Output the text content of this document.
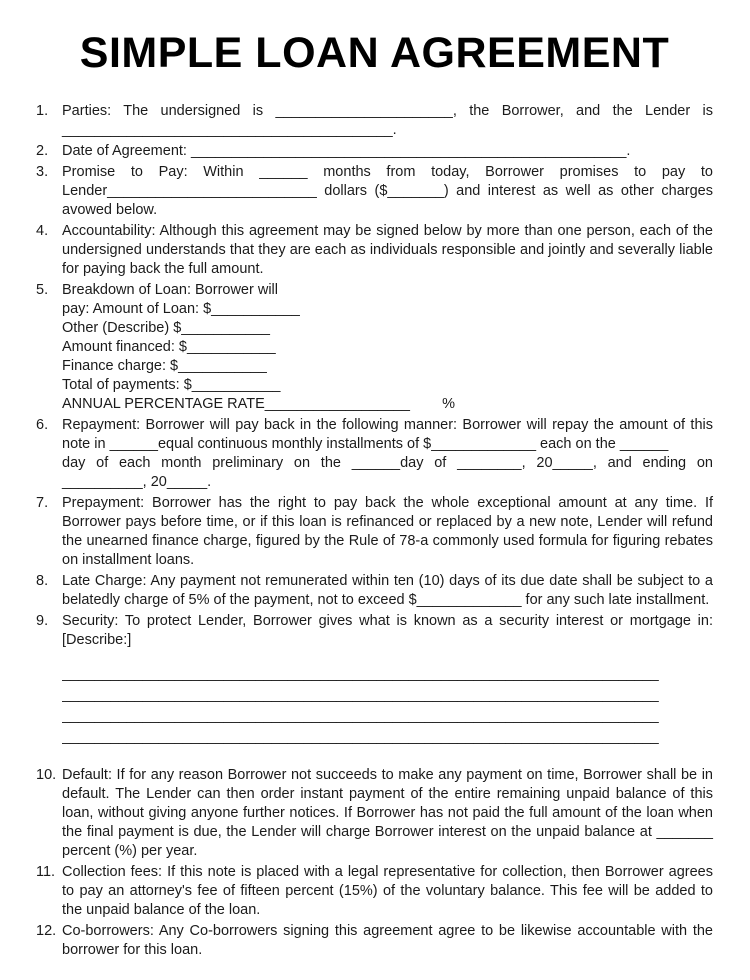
SIMPLE LOAN AGREEMENT
1. Parties: The undersigned is ______________________, the Borrower, and the Lender is _________________________________________.
2. Date of Agreement: ______________________________________________________.
3. Promise to Pay: Within ______ months from today, Borrower promises to pay to Lender__________________________ dollars ($_______) and interest as well as other charges avowed below.
4. Accountability: Although this agreement may be signed below by more than one person, each of the undersigned understands that they are each as individuals responsible and jointly and severally liable for paying back the full amount.
5. Breakdown of Loan: Borrower will
pay: Amount of Loan: $___________
Other (Describe) $___________
Amount financed: $___________
Finance charge: $___________
Total of payments: $___________
ANNUAL PERCENTAGE RATE__________________        %
6. Repayment: Borrower will pay back in the following manner: Borrower will repay the amount of this note in ______equal continuous monthly installments of $_____________ each on the ______
day of each month preliminary on the ______day of ________, 20_____, and ending on __________, 20_____.
7. Prepayment: Borrower has the right to pay back the whole exceptional amount at any time. If Borrower pays before time, or if this loan is refinanced or replaced by a new note, Lender will refund the unearned finance charge, figured by the Rule of 78-a commonly used formula for figuring rebates on installment loans.
8. Late Charge: Any payment not remunerated within ten (10) days of its due date shall be subject to a belatedly charge of 5% of the payment, not to exceed $_____________ for any such late installment.
9. Security: To protect Lender, Borrower gives what is known as a security interest or mortgage in: [Describe:]
__________________________________________________________________________
__________________________________________________________________________
__________________________________________________________________________
__________________________________________________________________________
10. Default: If for any reason Borrower not succeeds to make any payment on time, Borrower shall be in default. The Lender can then order instant payment of the entire remaining unpaid balance of this loan, without giving anyone further notices. If Borrower has not paid the full amount of the loan when the final payment is due, the Lender will charge Borrower interest on the unpaid balance at _______ percent (%) per year.
11. Collection fees: If this note is placed with a legal representative for collection, then Borrower agrees to pay an attorney's fee of fifteen percent (15%) of the voluntary balance. This fee will be added to the unpaid balance of the loan.
12. Co-borrowers: Any Co-borrowers signing this agreement agree to be likewise accountable with the borrower for this loan.
